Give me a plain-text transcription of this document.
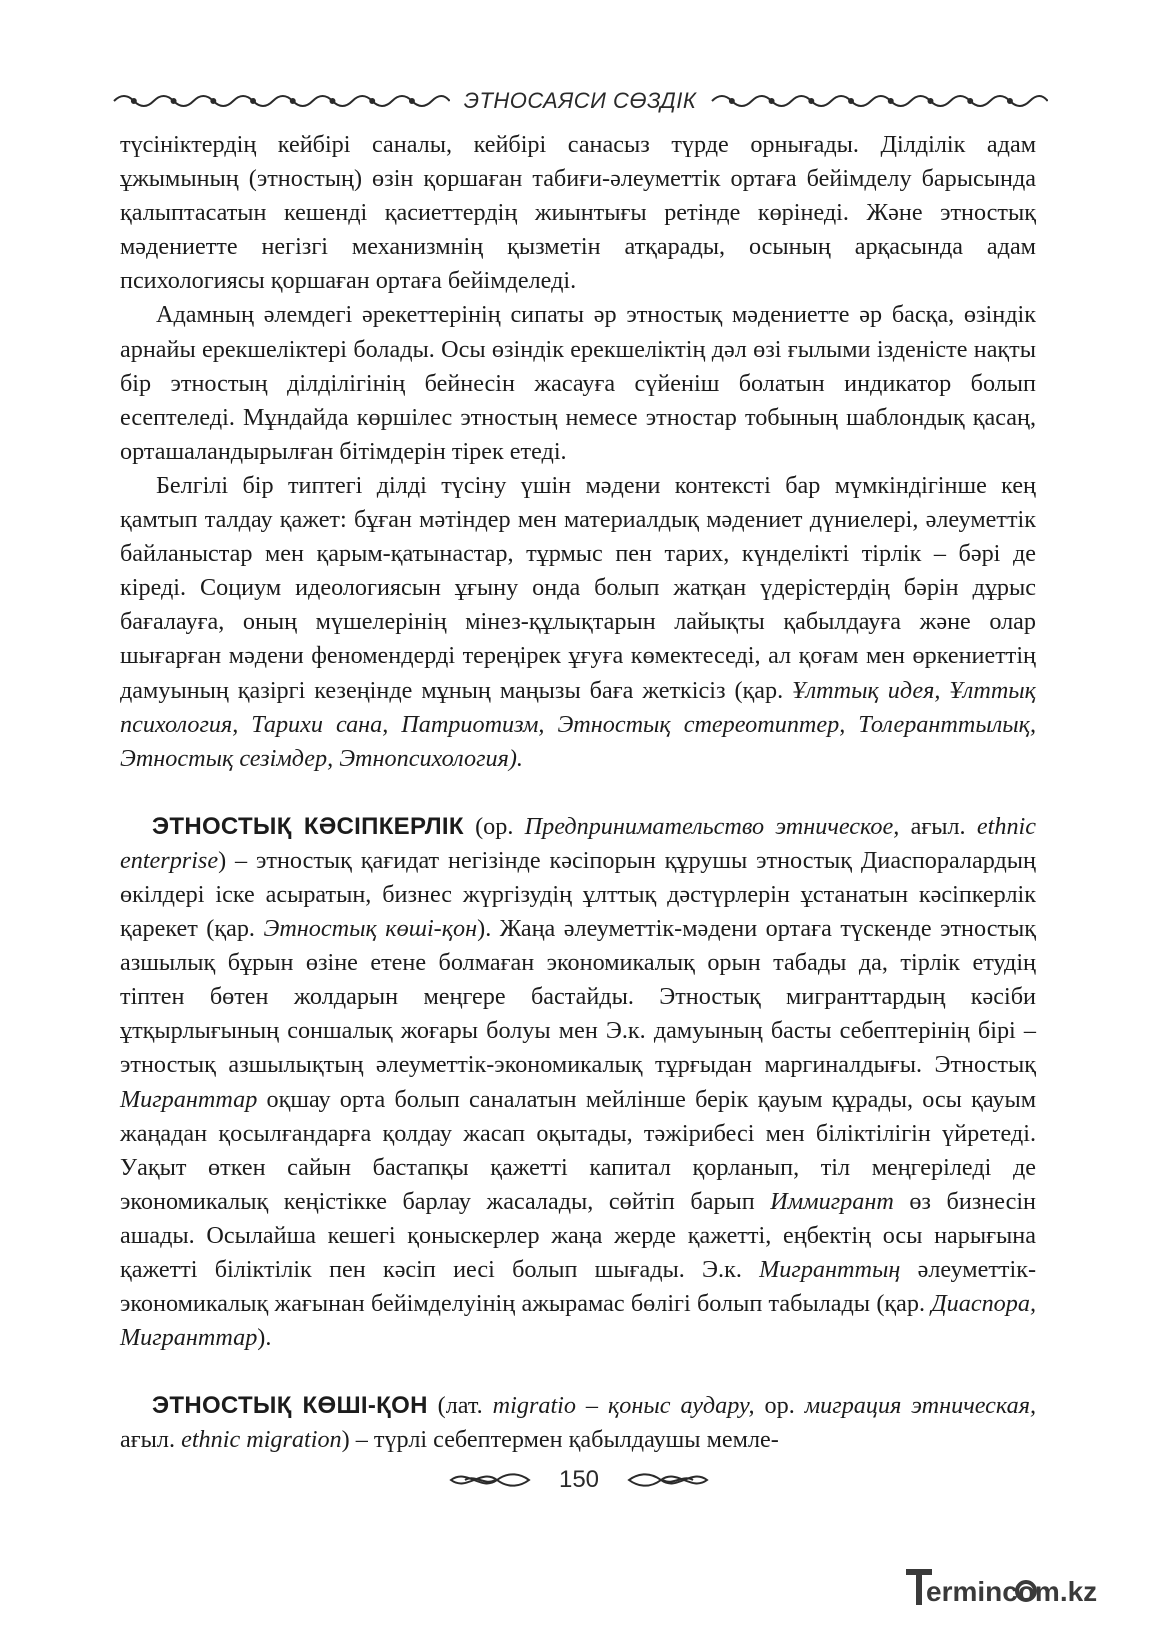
ЭТНОСАЯСИ СӨЗДІК

түсініктердің кейбірі саналы, кейбірі санасыз түрде орнығады. Ділділік адам ұжымының (этностың) өзін қоршаған табиғи-әлеуметтік ортаға бейімделу барысында қалыптасатын кешенді қасиеттердің жиынтығы ретінде көрінеді. Және этностық мәдениетте негізгі механизмнің қызметін атқарады, осының арқасында адам психологиясы қоршаған ортаға бейімделеді.

Адамның әлемдегі әрекеттерінің сипаты әр этностық мәдениетте әр басқа, өзіндік арнайы ерекшеліктері болады. Осы өзіндік ерекшеліктің дәл өзі ғылыми ізденісте нақты бір этностың ділділігінің бейнесін жасауға сүйеніш болатын индикатор болып есептеледі. Мұндайда көршілес этностың немесе этностар тобының шаблондық қасаң, орташаландырылған бітімдерін тірек етеді.

Белгілі бір типтегі ділді түсіну үшін мәдени контексті бар мүмкіндігінше кең қамтып талдау қажет: бұған мәтіндер мен материалдық мәдениет дүниелері, әлеуметтік байланыстар мен қарым-қатынастар, тұрмыс пен тарих, күнделікті тірлік – бәрі де кіреді. Социум идеологиясын ұғыну онда болып жатқан үдерістердің бәрін дұрыс бағалауға, оның мүшелерінің мінез-құлықтарын лайықты қабылдауға және олар шығарған мәдени феномендерді тереңірек ұғуға көмектеседі, ал қоғам мен өркениеттің дамуының қазіргі кезеңінде мұның маңызы баға жеткісіз (қар. Ұлттық идея, Ұлттық психология, Тарихи сана, Патриотизм, Этностық стереотиптер, Толеранттылық, Этностық сезімдер, Этнопсихология).

ЭТНОСТЫҚ КӘСІПКЕРЛІК (ор. Предпринимательство этническое, ағыл. ethnic enterprise) – этностық қағидат негізінде кәсіпорын құрушы этностық Диаспоралардың өкілдері іске асыратын, бизнес жүргізудің ұлттық дәстүрлерін ұстанатын кәсіпкерлік қарекет (қар. Этностық көші-қон). Жаңа әлеуметтік-мәдени ортаға түскенде этностық азшылық бұрын өзіне етене болмаған экономикалық орын табады да, тірлік етудің тіптен бөтен жолдарын меңгере бастайды. Этностық мигранттардың кәсіби ұтқырлығының соншалық жоғары болуы мен Э.к. дамуының басты себептерінің бірі – этностық азшылықтың әлеуметтік-экономикалық тұрғыдан маргиналдығы. Этностық Мигранттар оқшау орта болып саналатын мейлінше берік қауым құрады, осы қауым жаңадан қосылғандарға қолдау жасап оқытады, тәжірибесі мен біліктілігін үйретеді. Уақыт өткен сайын бастапқы қажетті капитал қорланып, тіл меңгеріледі де экономикалық кеңістікке барлау жасалады, сөйтіп барып Иммигрант өз бизнесін ашады. Осылайша кешегі қоныскерлер жаңа жерде қажетті, еңбектің осы нарығына қажетті біліктілік пен кәсіп иесі болып шығады. Э.к. Мигранттың әлеуметтік-экономикалық жағынан бейімделуінің ажырамас бөлігі болып табылады (қар. Диаспора, Мигранттар).

ЭТНОСТЫҚ КӨШІ-ҚОН (лат. migratio – қоныс аудару, ор. миграция этническая, ағыл. ethnic migration) – түрлі себептермен қабылдаушы мемле-

150
ermincom.kz
